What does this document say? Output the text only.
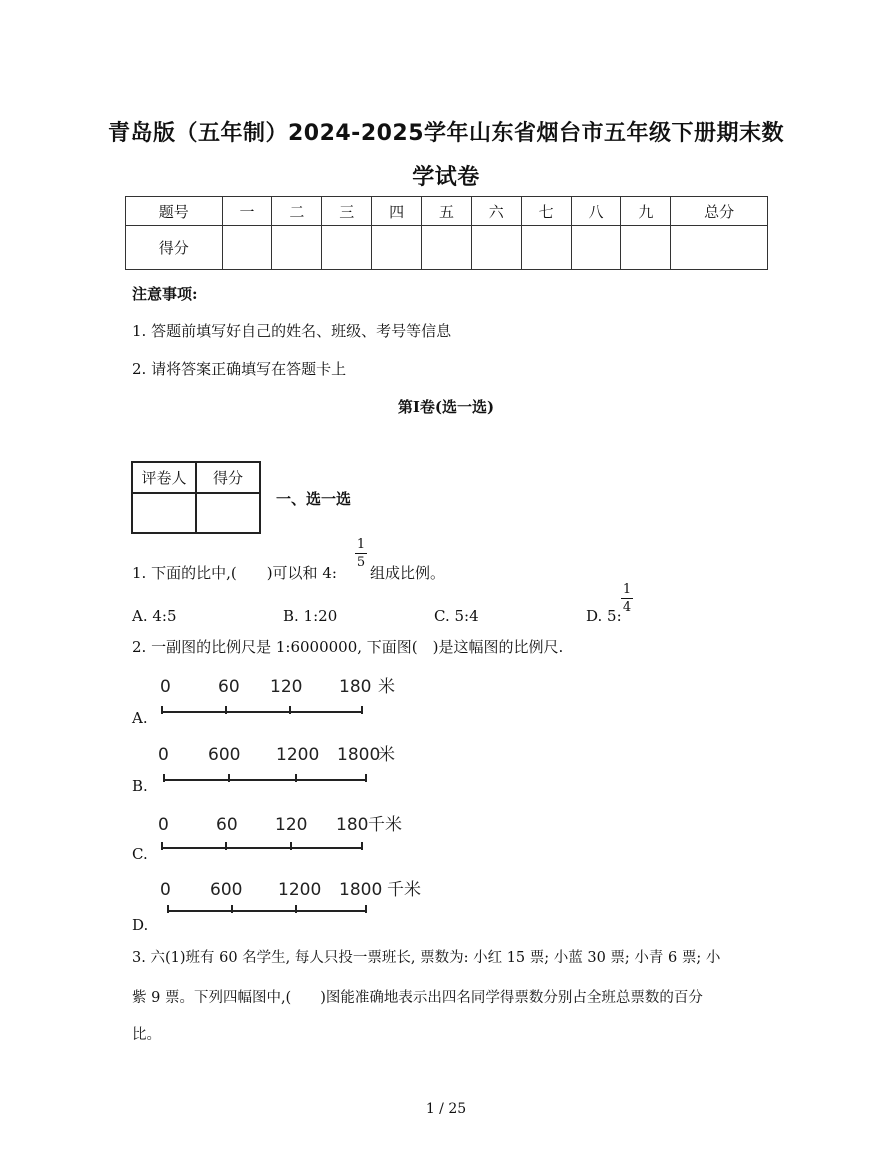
青岛版（五年制）2024-2025学年山东省烟台市五年级下册期末数
学试卷
题号	一	二	三	四	五	六	七	八	九	总分
得分										
注意事项:
1. 答题前填写好自己的姓名、班级、考号等信息
2. 请将答案正确填写在答题卡上
第Ⅰ卷(选一选)
评卷人	得分

一、选一选
1. 下面的比中,(　　)可以和 4:
1
5
组成比例。
A. 4:5	B. 1:20	C. 5:4	D. 5:
1
4
2. 一副图的比例尺是 1:6000000, 下面图(　)是这幅图的比例尺.
A.
0	60 120 180 米
B.
0 600 1200 1800
米
C.
0	60 120 180 千米
D.
0 600 1200 1800 千米
3. 六(1)班有 60 名学生, 每人只投一票班长, 票数为: 小红 15 票; 小蓝 30 票; 小青 6 票; 小
紫 9 票。下列四幅图中,(　　)图能准确地表示出四名同学得票数分别占全班总票数的百分
比。
1 / 25
